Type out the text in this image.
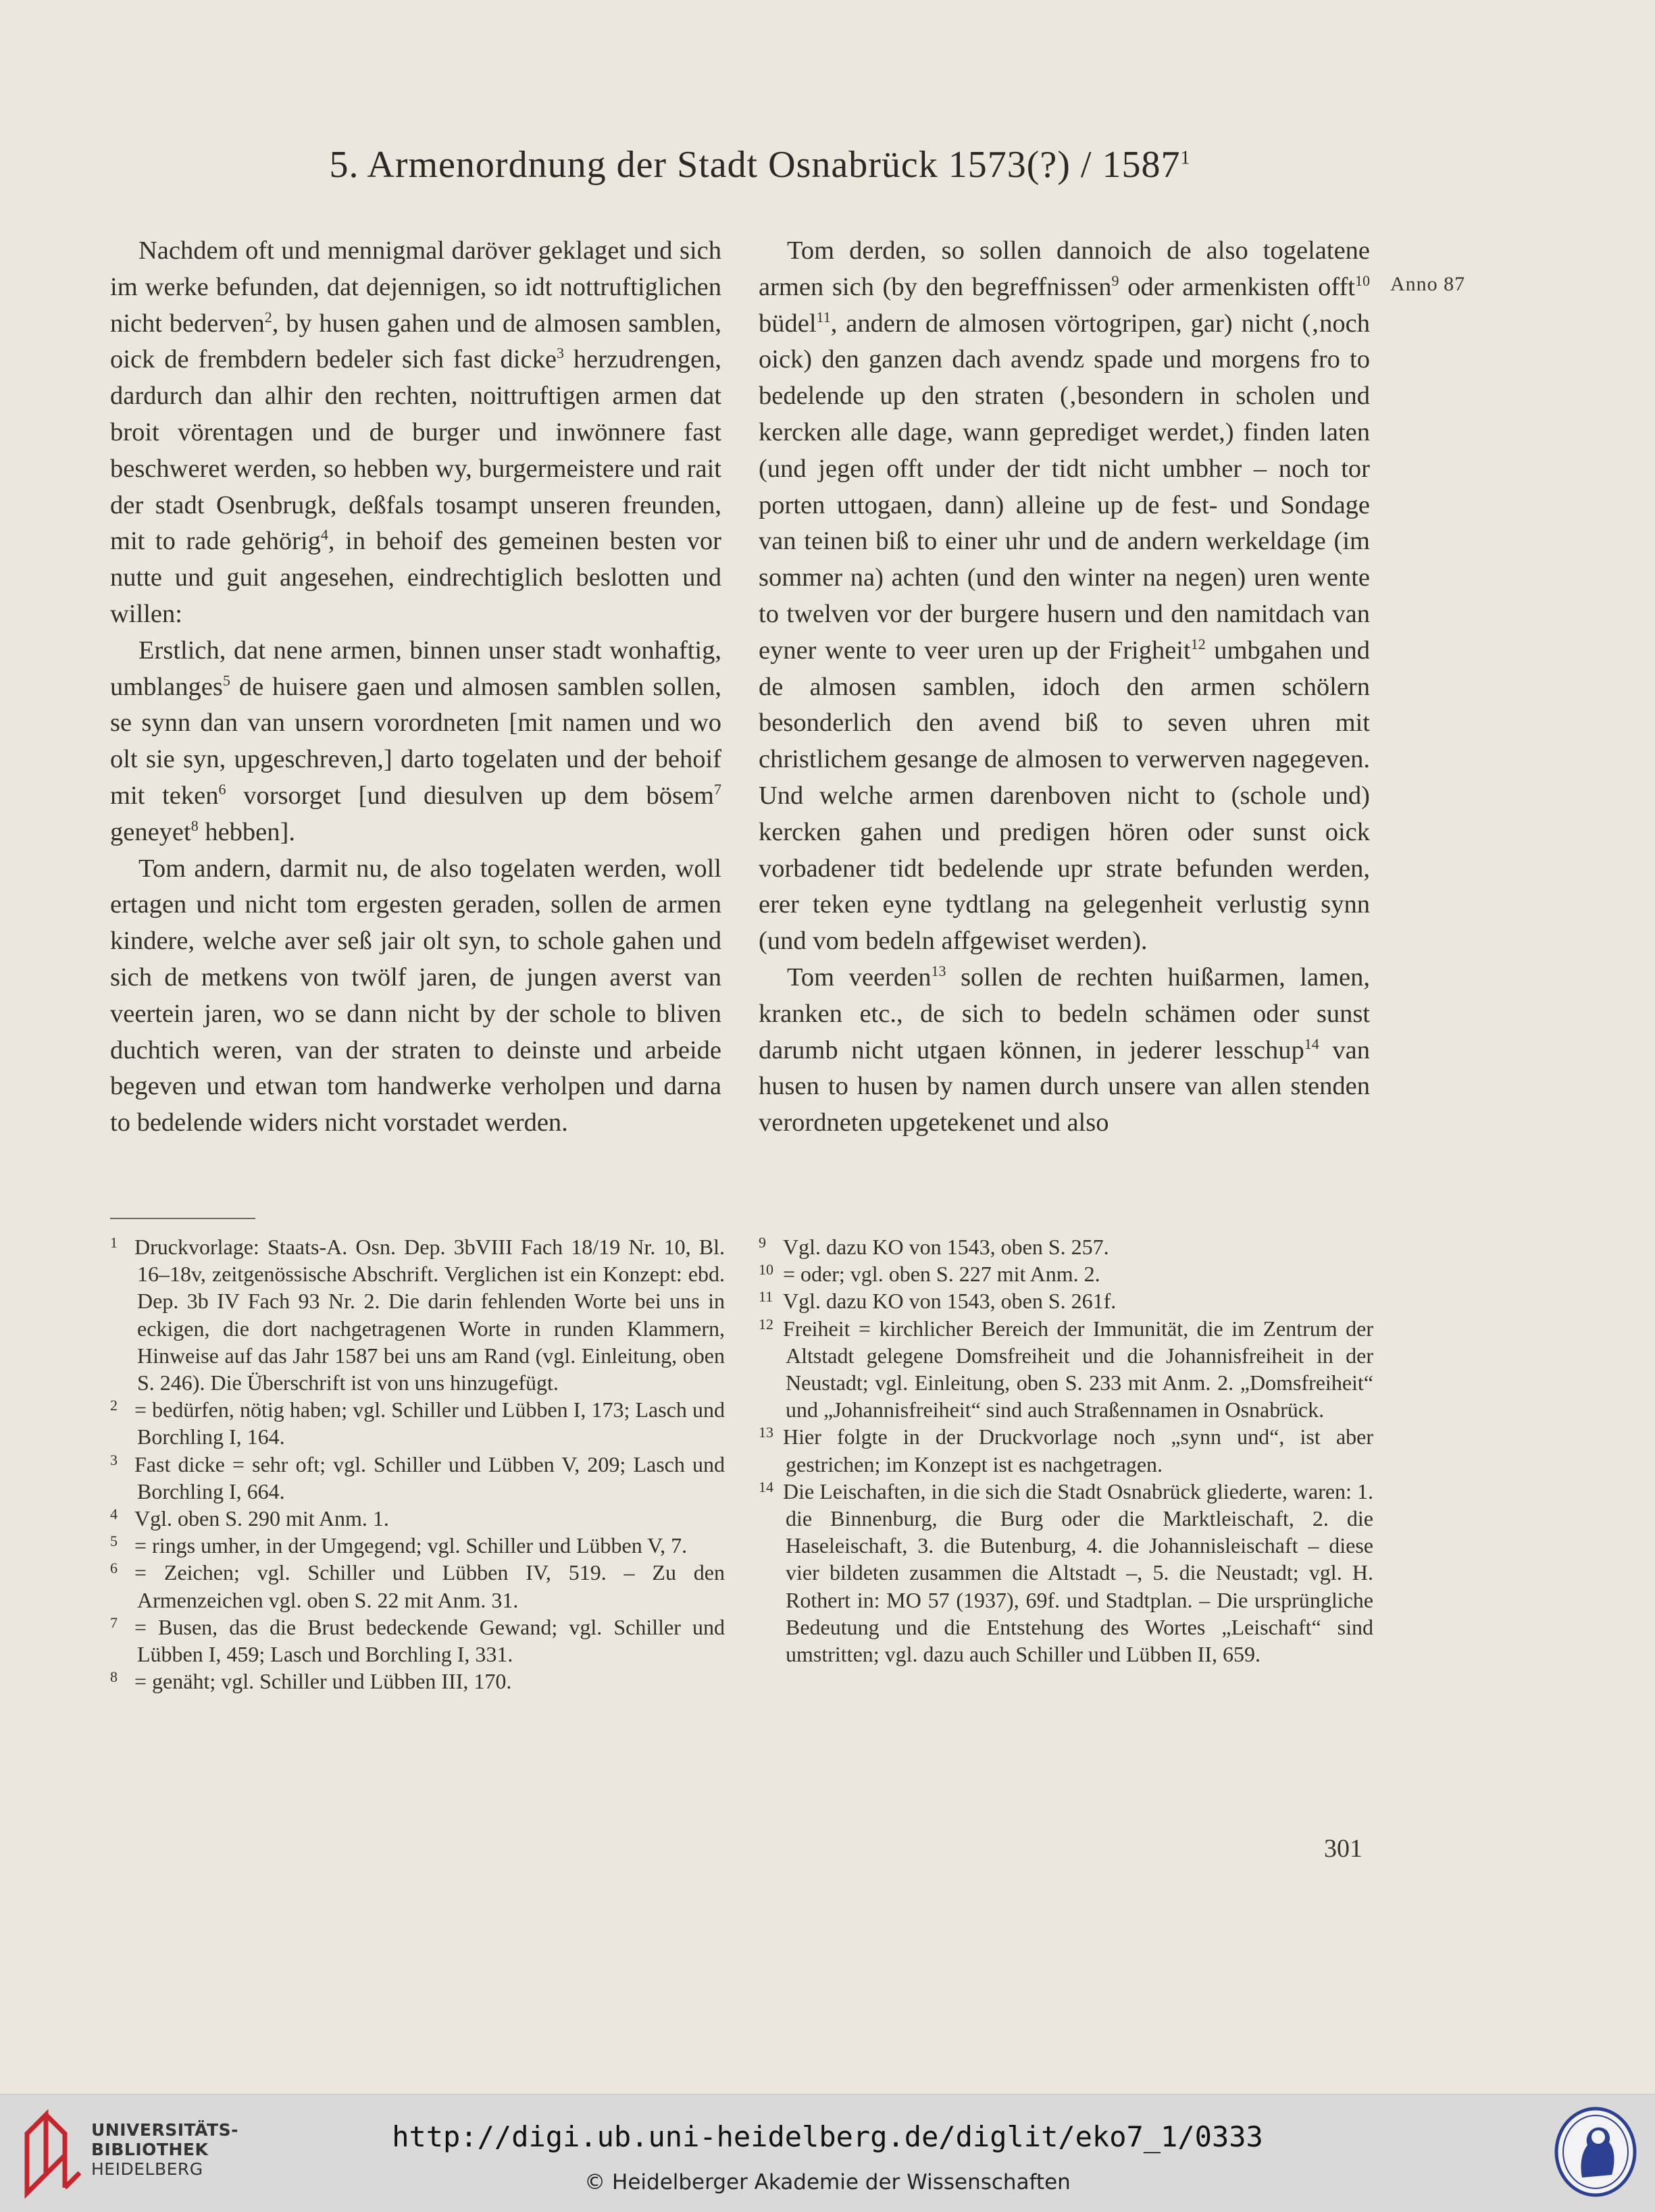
5. Armenordnung der Stadt Osnabrück 1573(?) / 1587$^1$

Nachdem oft und mennigmal daröver geklaget und sich im werke befunden, dat dejennigen, so idt nottruftiglichen nicht bederven$^2$, by husen gahen und de almosen samblen, oick de frembdern bedeler sich fast dicke$^3$ herzudrengen, dardurch dan alhir den rechten, noittruftigen armen dat broit vörentagen und de burger und inwönnere fast beschweret werden, so hebben wy, burgermeistere und rait der stadt Osenbrugk, deßfals tosampt unseren freunden, mit to rade gehörig$^4$, in behoif des gemeinen besten vor nutte und guit angesehen, eindrechtiglich beslotten und willen:

Erstlich, dat nene armen, binnen unser stadt wonhaftig, umblanges$^5$ de huisere gaen und almosen samblen sollen, se synn dan van unsern vorordneten [mit namen und wo olt sie syn, upgeschreven,] darto togelaten und der behoif mit teken$^6$ vorsorget [und diesulven up dem bösem$^7$ geneyet$^8$ hebben].

Tom andern, darmit nu, de also togelaten werden, woll ertagen und nicht tom ergesten geraden, sollen de armen kindere, welche aver seß jair olt syn, to schole gahen und sich de metkens von twölf jaren, de jungen averst van veertein jaren, wo se dann nicht by der schole to bliven duchtich weren, van der straten to deinste und arbeide begeven und etwan tom handwerke verholpen und darna to bedelende widers nicht vorstadet werden.

Tom derden, so sollen dannoich de also togelatene armen sich (by den begreffnissen$^9$ oder armenkisten offt$^{10}$ büdel$^{11}$, andern de almosen vörtogripen, gar) nicht (‚noch oick) den ganzen dach avendz spade und morgens fro to bedelende up den straten (‚besondern in scholen und kercken alle dage, wann geprediget werdet,) finden laten (und jegen offt under der tidt nicht umbher – noch tor porten uttogaen, dann) alleine up de fest- und Sondage van teinen biß to einer uhr und de andern werkeldage (im sommer na) achten (und den winter na negen) uren wente to twelven vor der burgere husern und den namitdach van eyner wente to veer uren up der Frigheit$^{12}$ umbgahen und de almosen samblen, idoch den armen schölern besonderlich den avend biß to seven uhren mit christlichem gesange de almosen to verwerven nagegeven. Und welche armen darenboven nicht to (schole und) kercken gahen und predigen hören oder sunst oick vorbadener tidt bedelende upr strate befunden werden, erer teken eyne tydtlang na gelegenheit verlustig synn (und vom bedeln affgewiset werden).

Tom veerden$^{13}$ sollen de rechten huißarmen, lamen, kranken etc., de sich to bedeln schämen oder sunst darumb nicht utgaen können, in jederer lesschup$^{14}$ van husen to husen by namen durch unsere van allen stenden verordneten upgetekenet und also

Anno 87
1 Druckvorlage: Staats-A. Osn. Dep. 3bVIII Fach 18/19 Nr. 10, Bl. 16–18v, zeitgenössische Abschrift. Verglichen ist ein Konzept: ebd. Dep. 3b IV Fach 93 Nr. 2. Die darin fehlenden Worte bei uns in eckigen, die dort nachgetragenen Worte in runden Klammern, Hinweise auf das Jahr 1587 bei uns am Rand (vgl. Einleitung, oben S. 246). Die Überschrift ist von uns hinzugefügt.
2 = bedürfen, nötig haben; vgl. Schiller und Lübben I, 173; Lasch und Borchling I, 164.
3 Fast dicke = sehr oft; vgl. Schiller und Lübben V, 209; Lasch und Borchling I, 664.
4 Vgl. oben S. 290 mit Anm. 1.
5 = rings umher, in der Umgegend; vgl. Schiller und Lübben V, 7.
6 = Zeichen; vgl. Schiller und Lübben IV, 519. – Zu den Armenzeichen vgl. oben S. 22 mit Anm. 31.
7 = Busen, das die Brust bedeckende Gewand; vgl. Schiller und Lübben I, 459; Lasch und Borchling I, 331.
8 = genäht; vgl. Schiller und Lübben III, 170.
9 Vgl. dazu KO von 1543, oben S. 257.
10 = oder; vgl. oben S. 227 mit Anm. 2.
11 Vgl. dazu KO von 1543, oben S. 261f.
12 Freiheit = kirchlicher Bereich der Immunität, die im Zentrum der Altstadt gelegene Domsfreiheit und die Johannisfreiheit in der Neustadt; vgl. Einleitung, oben S. 233 mit Anm. 2. „Domsfreiheit“ und „Johannisfreiheit“ sind auch Straßennamen in Osnabrück.
13 Hier folgte in der Druckvorlage noch „synn und“, ist aber gestrichen; im Konzept ist es nachgetragen.
14 Die Leischaften, in die sich die Stadt Osnabrück gliederte, waren: 1. die Binnenburg, die Burg oder die Marktleischaft, 2. die Haseleischaft, 3. die Butenburg, 4. die Johannisleischaft – diese vier bildeten zusammen die Altstadt –, 5. die Neustadt; vgl. H. Rothert in: MO 57 (1937), 69f. und Stadtplan. – Die ursprüngliche Bedeutung und die Entstehung des Wortes „Leischaft“ sind umstritten; vgl. dazu auch Schiller und Lübben II, 659.
301
UNIVERSITÄTS-
BIBLIOTHEK
HEIDELBERG
http://digi.ub.uni-heidelberg.de/diglit/eko7_1/0333
© Heidelberger Akademie der Wissenschaften
